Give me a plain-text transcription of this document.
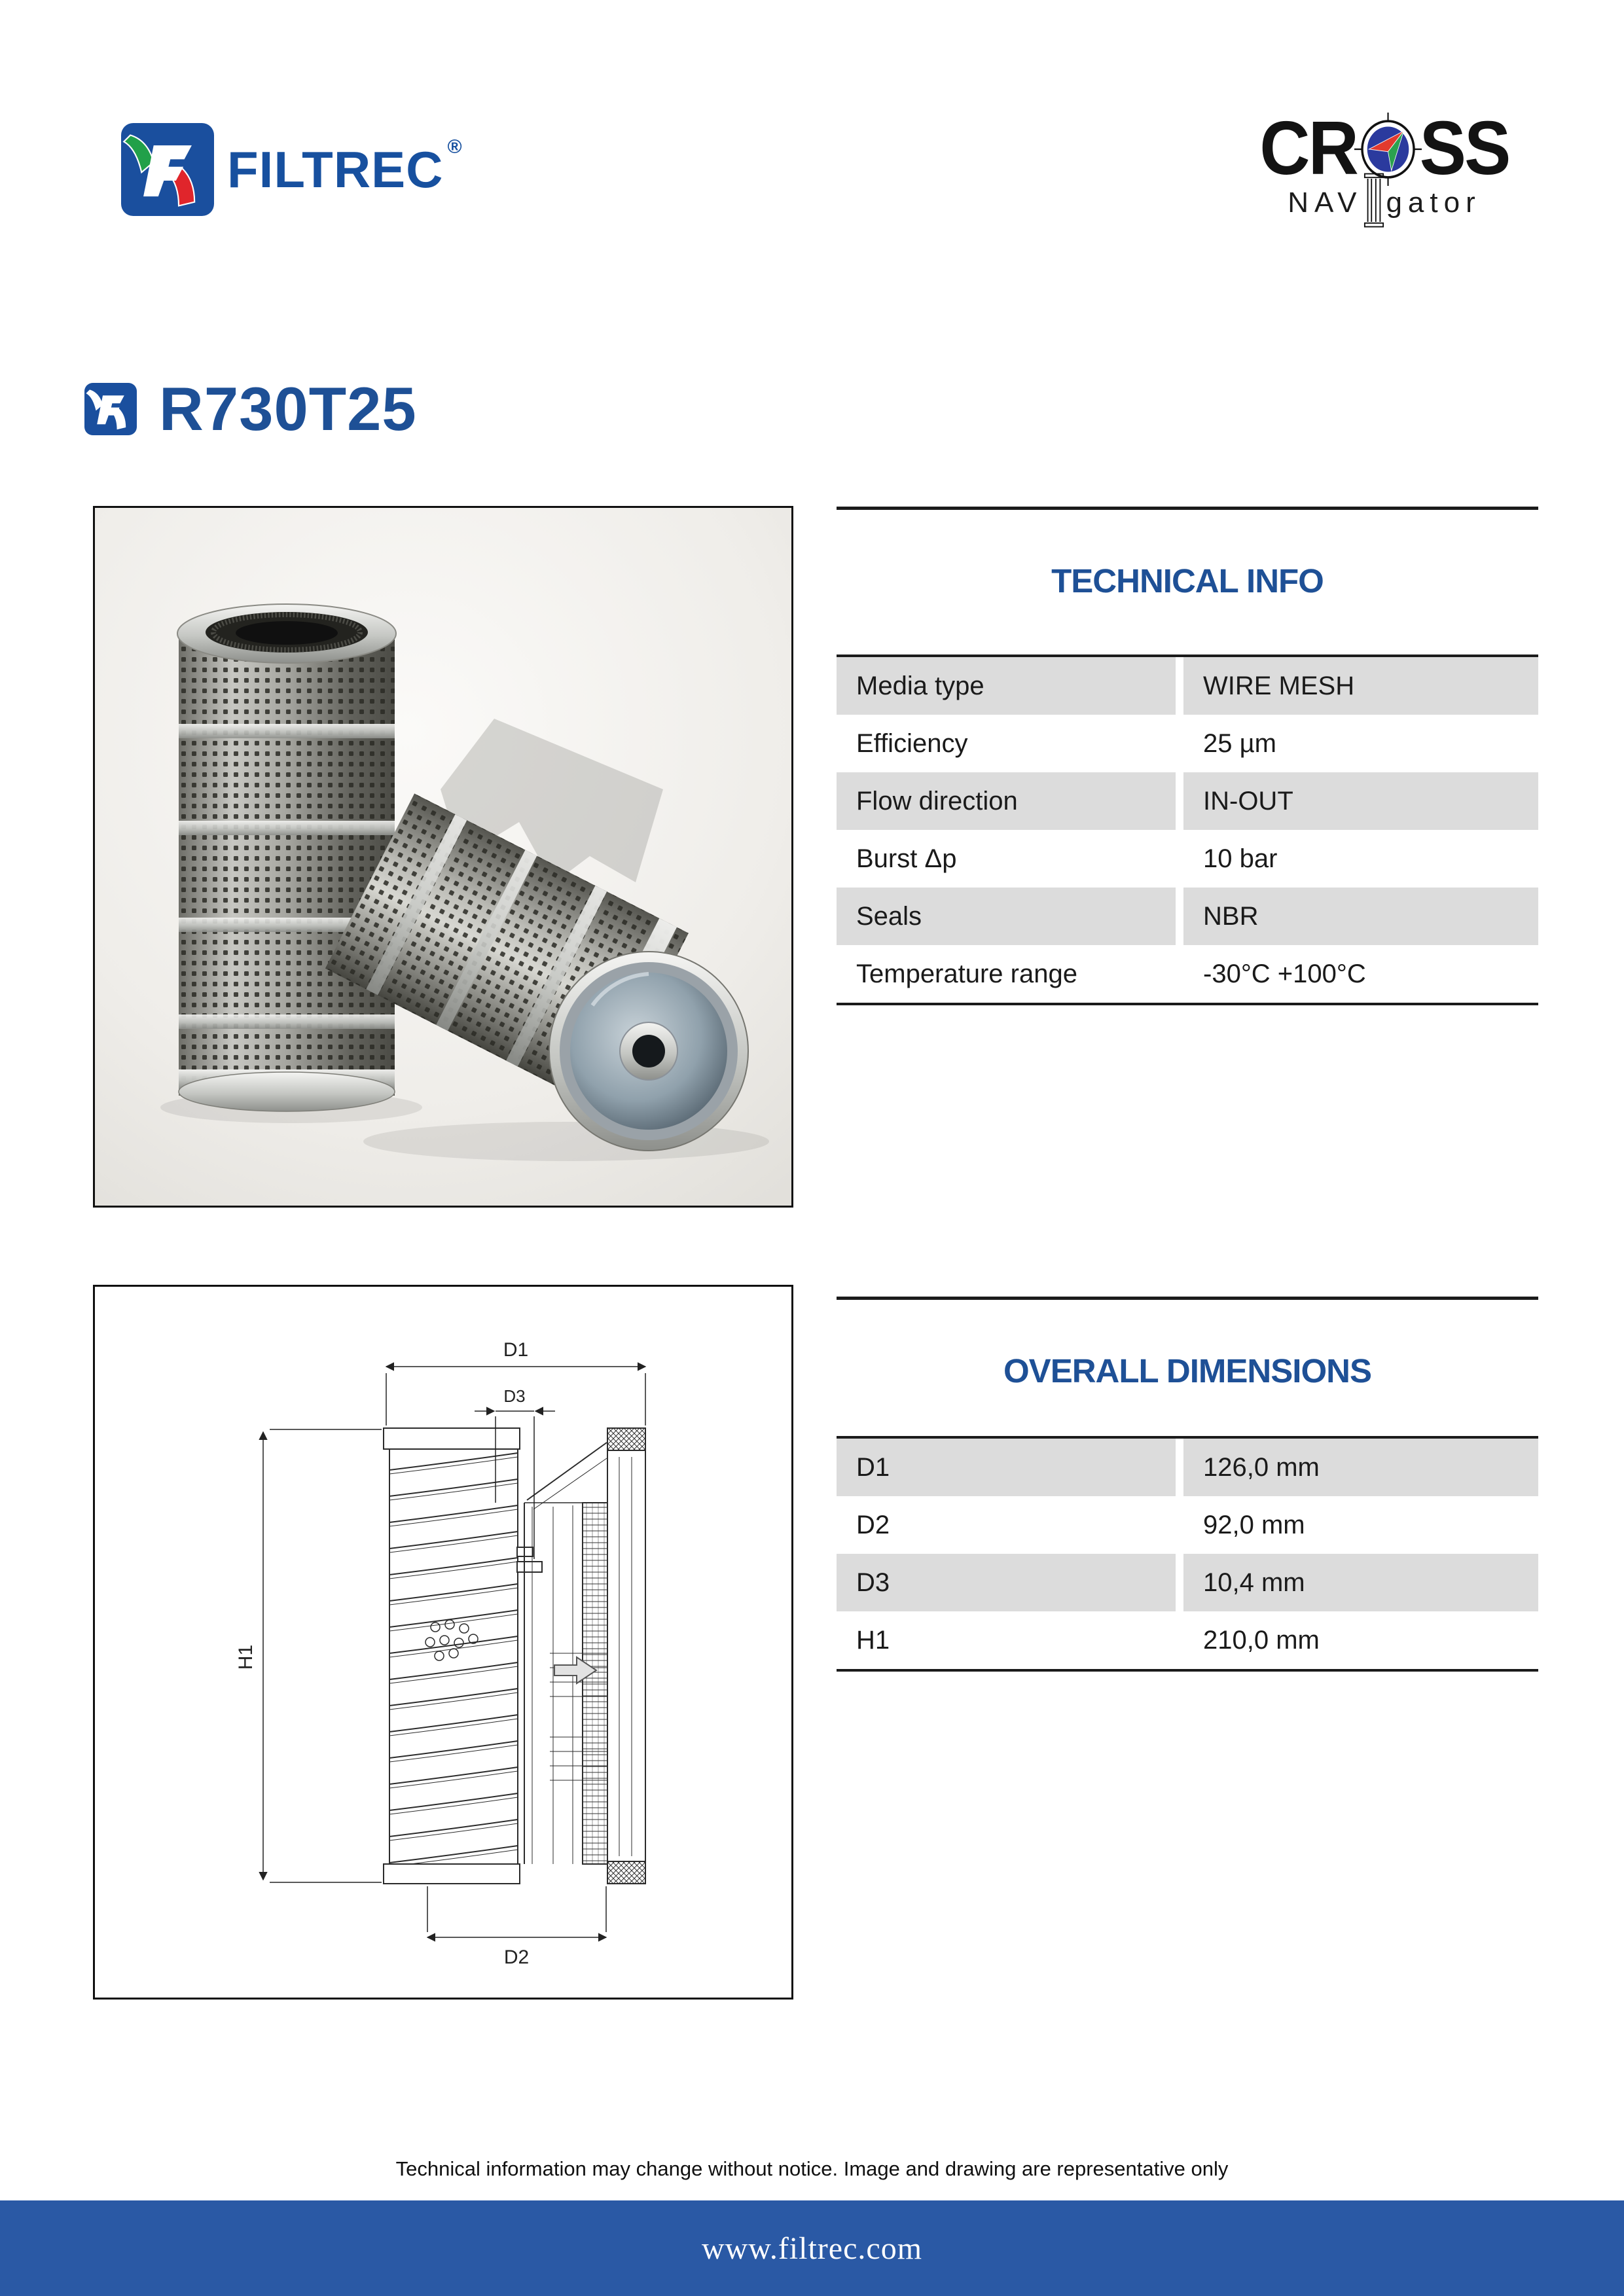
FILTREC ®	CR SS
NAV gator
R730T25
TECHNICAL INFO
Media type	WIRE MESH
Efficiency	25 µm
Flow direction	IN-OUT
Burst Δp	10 bar
Seals	NBR
Temperature range	-30°C +100°C
D1
D3
H1
D2
OVERALL DIMENSIONS
D1	126,0 mm
D2	92,0 mm
D3	10,4 mm
H1	210,0 mm

Technical information may change without notice. Image and drawing are representative only

www.filtrec.com
